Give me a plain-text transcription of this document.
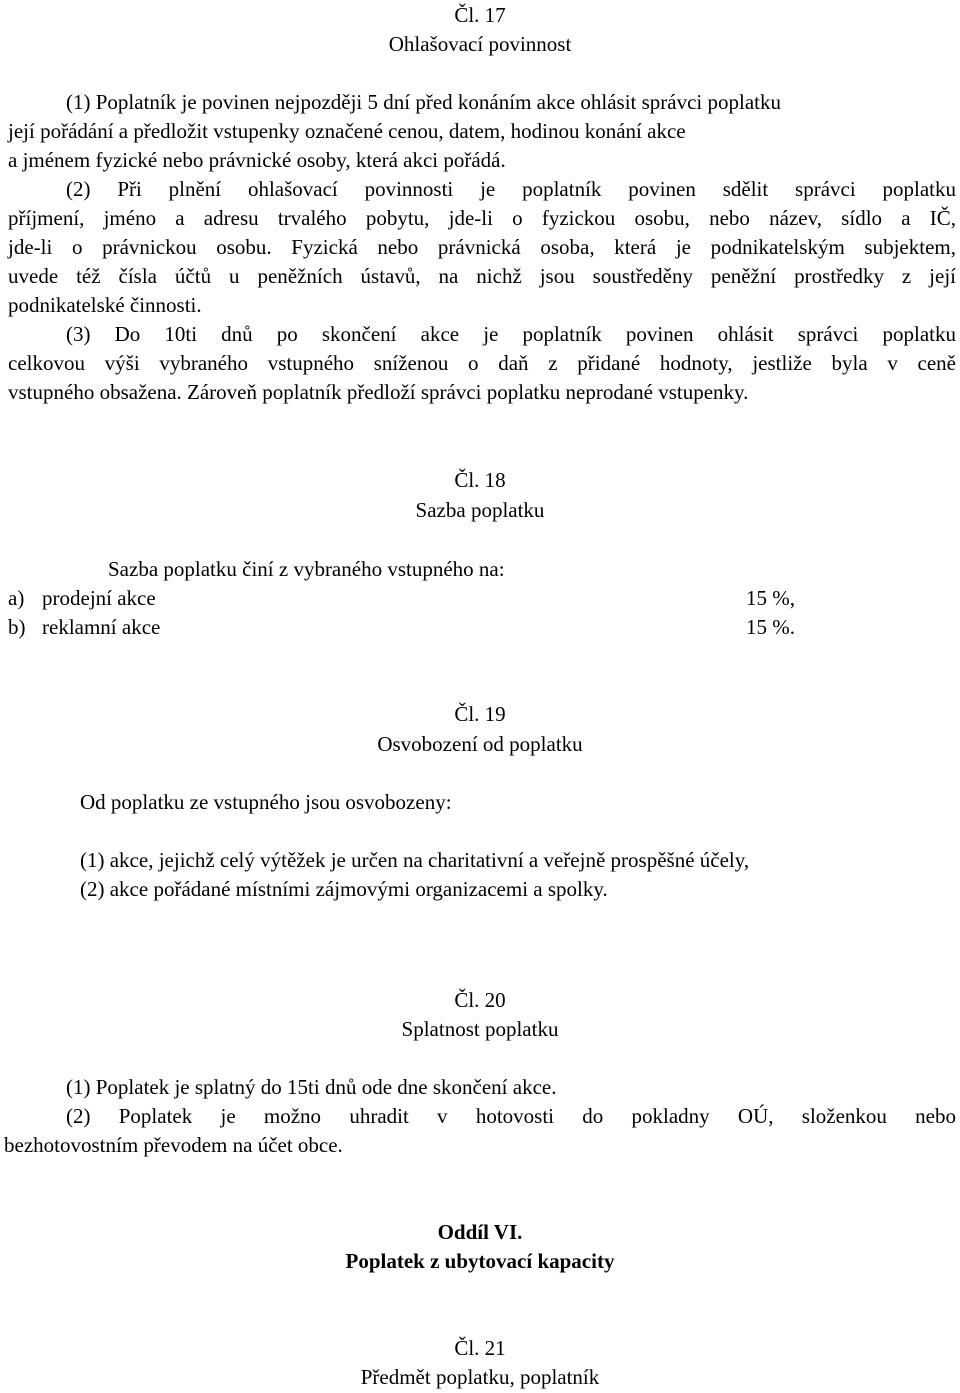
Čl. 17

Ohlašovací povinnost

(1) Poplatník je povinen nejpozději 5 dní před konáním akce ohlásit správci poplatku

její pořádání a předložit vstupenky označené cenou, datem, hodinou konání akce

a jménem fyzické nebo právnické osoby, která akci pořádá.

(2) Při plnění ohlašovací povinnosti je poplatník povinen sdělit správci poplatku

příjmení, jméno a adresu trvalého pobytu, jde-li o fyzickou osobu, nebo název, sídlo a IČ,

jde-li o právnickou osobu. Fyzická nebo právnická osoba, která je podnikatelským subjektem,

uvede též čísla účtů u peněžních ústavů, na nichž jsou soustředěny peněžní prostředky z její

podnikatelské činnosti.

(3) Do 10ti dnů po skončení akce je poplatník povinen ohlásit správci poplatku

celkovou výši vybraného vstupného sníženou o daň z přidané hodnoty, jestliže byla v ceně

vstupného obsažena. Zároveň poplatník předloží správci poplatku neprodané vstupenky.

Čl. 18

Sazba poplatku

Sazba poplatku činí z vybraného vstupného na:

a) prodejní akce	15 %,
b) reklamní akce	15 %.

Čl. 19

Osvobození od poplatku

Od poplatku ze vstupného jsou osvobozeny:

(1) akce, jejichž celý výtěžek je určen na charitativní a veřejně prospěšné účely,

(2) akce pořádané místními zájmovými organizacemi a spolky.

Čl. 20

Splatnost poplatku

(1) Poplatek je splatný do 15ti dnů ode dne skončení akce.

(2) Poplatek je možno uhradit v hotovosti do pokladny OÚ, složenkou nebo

bezhotovostním převodem na účet obce.

Oddíl VI.

Poplatek z ubytovací kapacity

Čl. 21

Předmět poplatku, poplatník
